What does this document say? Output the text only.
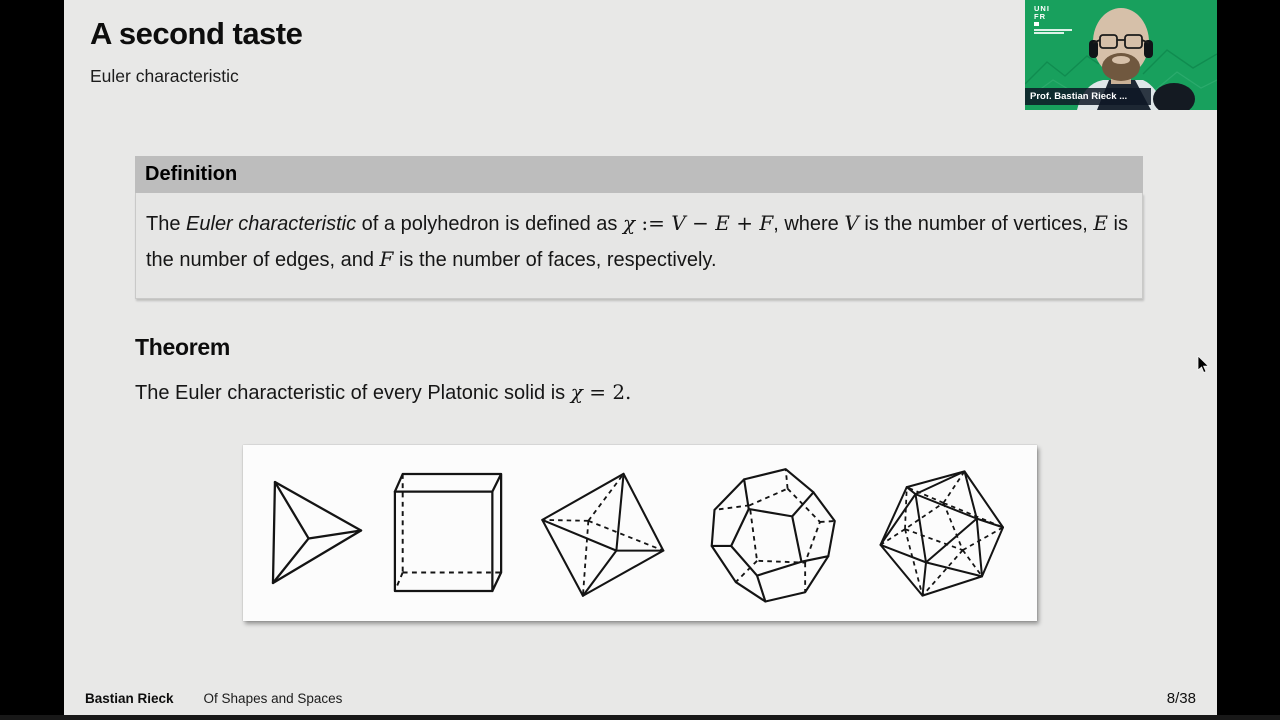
A second taste
Euler characteristic
Definition
The Euler characteristic of a polyhedron is defined as χ := V − E + F, where V is the number of vertices, E is the number of edges, and F is the number of faces, respectively.
Theorem
The Euler characteristic of every Platonic solid is χ = 2.
Bastian Rieck Of Shapes and Spaces	8/38
UNI
FR
Prof. Bastian Rieck ...
